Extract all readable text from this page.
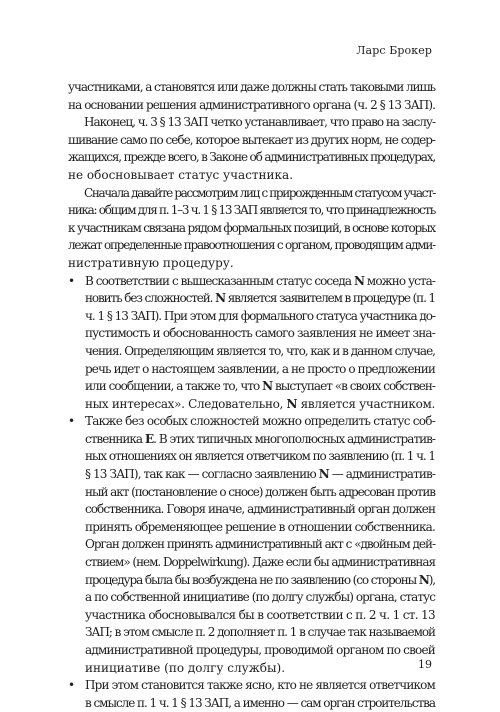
Ларс Брокер
участниками, а становятся или даже должны стать таковыми лишь
на основании решения административного органа (ч. 2 § 13 ЗАП).
Наконец, ч. 3 § 13 ЗАП четко устанавливает, что право на заслу-
шивание само по себе, которое вытекает из других норм, не содер-
жащихся, прежде всего, в Законе об административных процедурах,
не обосновывает статус участника.
Сначала давайте рассмотрим лиц с прирожденным статусом участ-
ника: общим для п. 1–3 ч. 1 § 13 ЗАП является то, что принадлежность
к участникам связана рядом формальных позиций, в основе которых
лежат определенные правоотношения с органом, проводящим адми-
нистративную процедуру.
• В соответствии с вышесказанным статус соседа N можно уста-
новить без сложностей. N является заявителем в процедуре (п. 1
ч. 1 § 13 ЗАП). При этом для формального статуса участника до-
пустимость и обоснованность самого заявления не имеет зна-
чения. Определяющим является то, что, как и в данном случае,
речь идет о настоящем заявлении, а не просто о предложении
или сообщении, а также то, что N выступает «в своих собствен-
ных интересах». Следовательно, N является участником.
• Также без особых сложностей можно определить статус соб-
ственника E. В этих типичных многополюсных административ-
ных отношениях он является ответчиком по заявлению (п. 1 ч. 1
§ 13 ЗАП), так как — согласно заявлению N — административ-
ный акт (постановление о сносе) должен быть адресован против
собственника. Говоря иначе, административный орган должен
принять обременяющее решение в отношении собственника.
Орган должен принять административный акт с «двойным дей-
ствием» (нем. Doppelwirkung). Даже если бы административная
процедура была бы возбуждена не по заявлению (со стороны N),
а по собственной инициативе (по долгу службы) органа, статус
участника обосновывался бы в соответствии с п. 2 ч. 1 ст. 13
ЗАП; в этом смысле п. 2 дополняет п. 1 в случае так называемой
административной процедуры, проводимой органом по своей
инициативе (по долгу службы).
• При этом становится также ясно, кто не является ответчиком
в смысле п. 1 ч. 1 § 13 ЗАП, а именно — сам орган строительства
19
